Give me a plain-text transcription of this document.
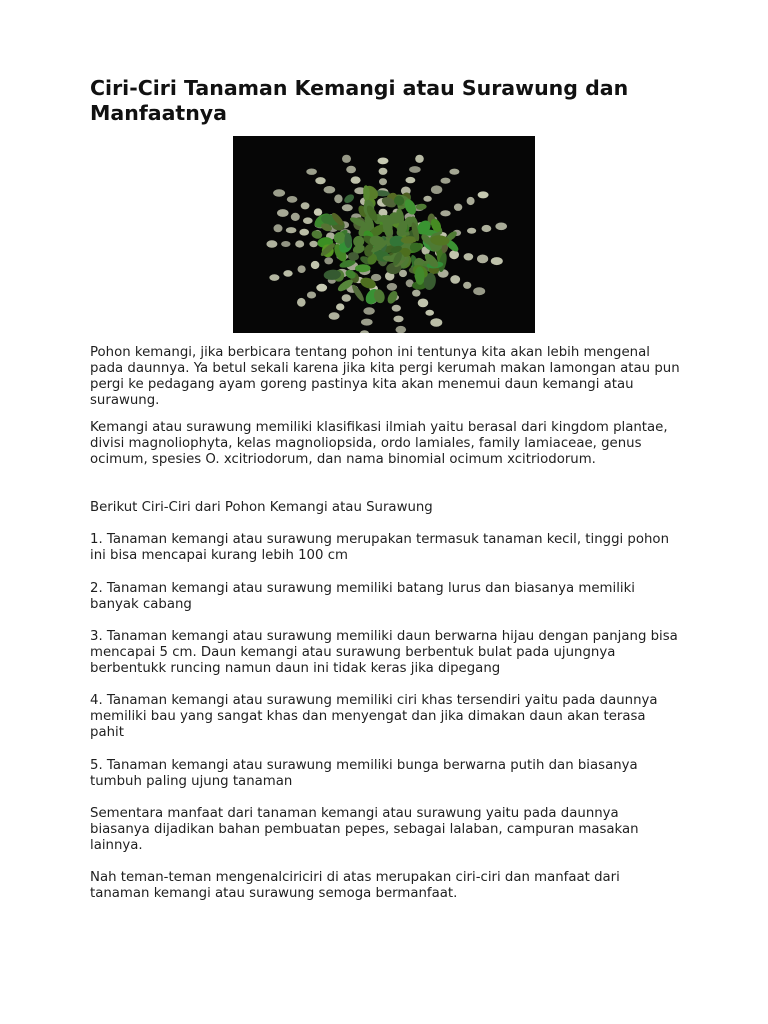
Ciri-Ciri Tanaman Kemangi atau Surawung dan Manfaatnya

Pohon kemangi, jika berbicara tentang pohon ini tentunya kita akan lebih mengenal pada daunnya. Ya betul sekali karena jika kita pergi kerumah makan lamongan atau pun pergi ke pedagang ayam goreng pastinya kita akan menemui daun kemangi atau surawung.

Kemangi atau surawung memiliki klasifikasi ilmiah yaitu berasal dari kingdom plantae, divisi magnoliophyta, kelas magnoliopsida, ordo lamiales, family lamiaceae, genus ocimum, spesies O. xcitriodorum, dan nama binomial ocimum xcitriodorum.

Berikut Ciri-Ciri dari Pohon Kemangi atau Surawung

1. Tanaman kemangi atau surawung merupakan termasuk tanaman kecil, tinggi pohon ini bisa mencapai kurang lebih 100 cm

2. Tanaman kemangi atau surawung memiliki batang lurus dan biasanya memiliki banyak cabang

3. Tanaman kemangi atau surawung memiliki daun berwarna hijau dengan panjang bisa mencapai 5 cm. Daun kemangi atau surawung berbentuk bulat pada ujungnya berbentukk runcing namun daun ini tidak keras jika dipegang

4. Tanaman kemangi atau surawung memiliki ciri khas tersendiri yaitu pada daunnya memiliki bau yang sangat khas dan menyengat dan jika dimakan daun akan terasa pahit

5. Tanaman kemangi atau surawung memiliki bunga berwarna putih dan biasanya tumbuh paling ujung tanaman

Sementara manfaat dari tanaman kemangi atau surawung yaitu pada daunnya biasanya dijadikan bahan pembuatan pepes, sebagai lalaban, campuran masakan lainnya.

Nah teman-teman mengenalciriciri di atas merupakan ciri-ciri dan manfaat dari tanaman kemangi atau surawung semoga bermanfaat.
